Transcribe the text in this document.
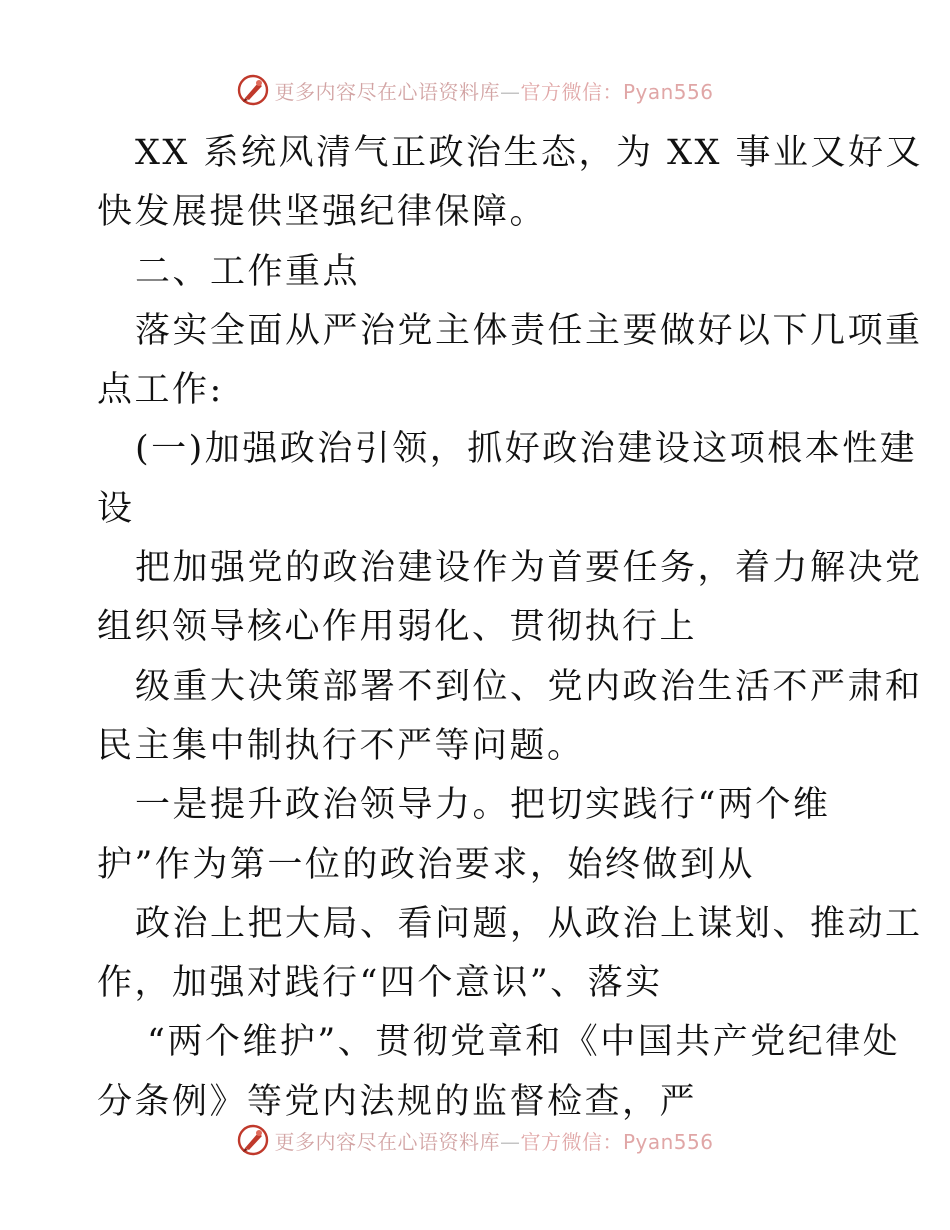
更多内容尽在心语资料库—官方微信：Pyan556
XX 系统风清气正政治生态，为 XX 事业又好又
快发展提供坚强纪律保障。
二、工作重点
落实全面从严治党主体责任主要做好以下几项重
点工作:
(一)加强政治引领，抓好政治建设这项根本性建
设
把加强党的政治建设作为首要任务，着力解决党
组织领导核心作用弱化、贯彻执行上
级重大决策部署不到位、党内政治生活不严肃和
民主集中制执行不严等问题。
一是提升政治领导力。把切实践行“两个维
护”作为第一位的政治要求，始终做到从
政治上把大局、看问题，从政治上谋划、推动工
作，加强对践行“四个意识”、落实
“两个维护”、贯彻党章和《中国共产党纪律处
分条例》等党内法规的监督检查，严
更多内容尽在心语资料库—官方微信：Pyan556
